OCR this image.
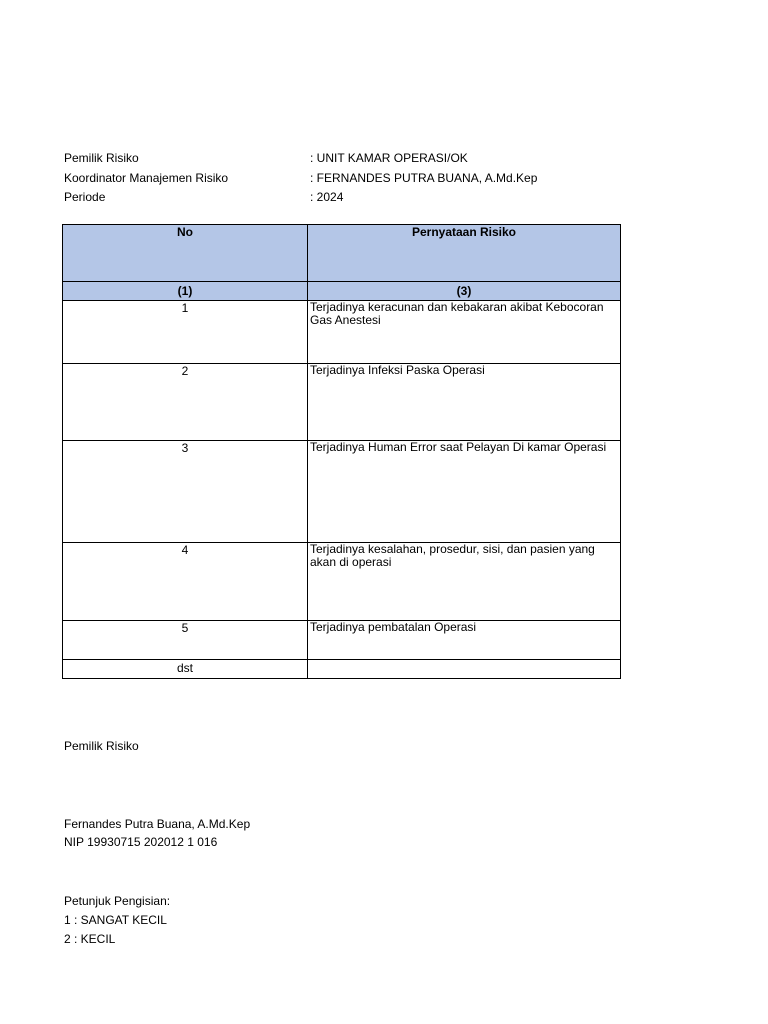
Pemilik Risiko	: UNIT KAMAR OPERASI/OK
Koordinator Manajemen Risiko	: FERNANDES PUTRA BUANA, A.Md.Kep
Periode	: 2024
No	Pernyataan Risiko
(1)	(3)
1	Terjadinya keracunan dan kebakaran akibat Kebocoran Gas Anestesi
2	Terjadinya Infeksi Paska Operasi
3	Terjadinya Human Error saat Pelayan Di kamar Operasi
4	Terjadinya kesalahan, prosedur, sisi, dan pasien yang akan di operasi
5	Terjadinya pembatalan Operasi
dst	
Pemilik Risiko
Fernandes Putra Buana, A.Md.Kep
NIP 19930715 202012 1 016
Petunjuk Pengisian:
1 : SANGAT KECIL
2 : KECIL
